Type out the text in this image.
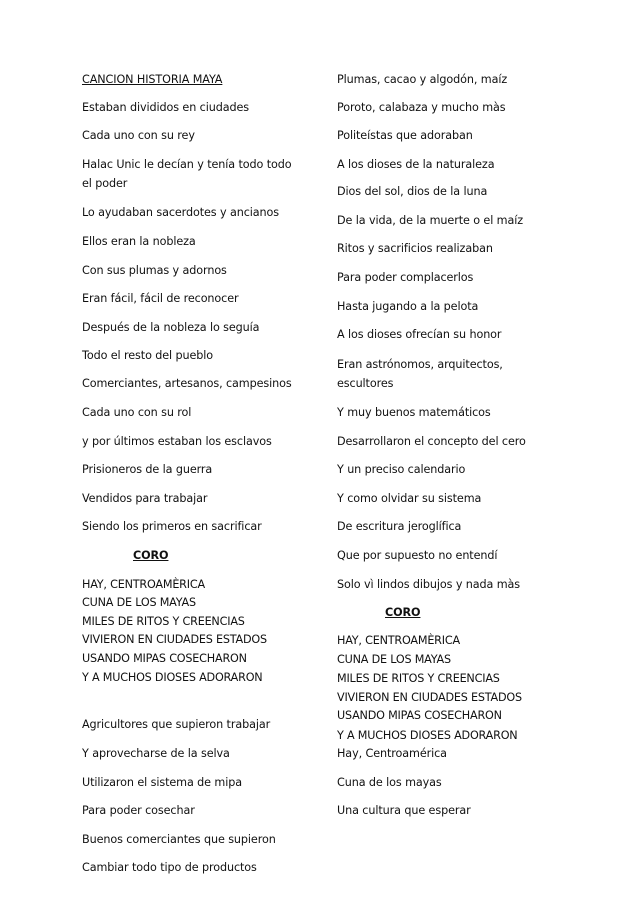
CANCION HISTORIA MAYA
Estaban divididos en ciudades
Cada uno con su rey
Halac Unic le decían y tenía todo todo
el poder
Lo ayudaban sacerdotes y ancianos
Ellos eran la nobleza
Con sus plumas y adornos
Eran fácil, fácil de reconocer
Después de la nobleza lo seguía
Todo el resto del pueblo
Comerciantes, artesanos, campesinos
Cada uno con su rol
y por últimos estaban los esclavos
Prisioneros de la guerra
Vendidos para trabajar
Siendo los primeros en sacrificar
CORO
HAY, CENTROAMÈRICA
CUNA DE LOS MAYAS
MILES DE RITOS Y CREENCIAS
VIVIERON EN CIUDADES ESTADOS
USANDO MIPAS COSECHARON
Y A MUCHOS DIOSES ADORARON
Agricultores que supieron trabajar
Y aprovecharse de la selva
Utilizaron el sistema de mipa
Para poder cosechar
Buenos comerciantes que supieron
Cambiar todo tipo de productos
Plumas, cacao y algodón, maíz
Poroto, calabaza y mucho màs
Politeístas que adoraban
A los dioses de la naturaleza
Dios del sol, dios de la luna
De la vida, de la muerte o el maíz
Ritos y sacrificios realizaban
Para poder complacerlos
Hasta jugando a la pelota
A los dioses ofrecían su honor
Eran astrónomos, arquitectos,
escultores
Y muy buenos matemáticos
Desarrollaron el concepto del cero
Y un preciso calendario
Y como olvidar su sistema
De escritura jeroglífica
Que por supuesto no entendí
Solo vì lindos dibujos y nada màs
CORO
HAY, CENTROAMÈRICA
CUNA DE LOS MAYAS
MILES DE RITOS Y CREENCIAS
VIVIERON EN CIUDADES ESTADOS
USANDO MIPAS COSECHARON
Y A MUCHOS DIOSES ADORARON
Hay, Centroamérica
Cuna de los mayas
Una cultura que esperar
